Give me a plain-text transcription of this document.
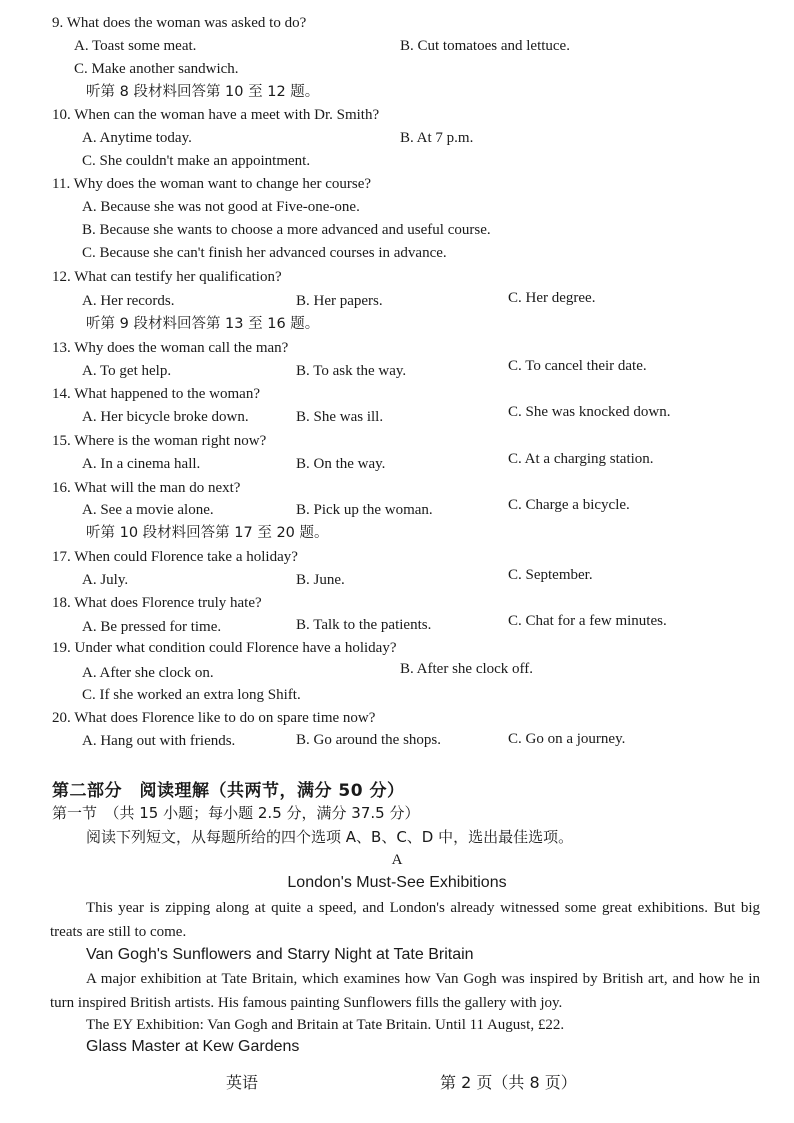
9. What does the woman was asked to do?
A. Toast some meat.	B. Cut tomatoes and lettuce.
C. Make another sandwich.
听第 8 段材料回答第 10 至 12 题。
10. When can the woman have a meet with Dr. Smith?
A. Anytime today.	B. At 7 p.m.
C. She couldn't make an appointment.
11. Why does the woman want to change her course?
A. Because she was not good at Five-one-one.
B. Because she wants to choose a more advanced and useful course.
C. Because she can't finish her advanced courses in advance.
12. What can testify her qualification?
A. Her records.	B. Her papers.	C. Her degree.
听第 9 段材料回答第 13 至 16 题。
13. Why does the woman call the man?
A. To get help.	B. To ask the way.	C. To cancel their date.
14. What happened to the woman?
A. Her bicycle broke down.	B. She was ill.	C. She was knocked down.
15. Where is the woman right now?
A. In a cinema hall.	B. On the way.	C. At a charging station.
16. What will the man do next?
A. See a movie alone.	B. Pick up the woman.	C. Charge a bicycle.
听第 10 段材料回答第 17 至 20 题。
17. When could Florence take a holiday?
A. July.	B. June.	C. September.
18. What does Florence truly hate?
A. Be pressed for time.	B. Talk to the patients.	C. Chat for a few minutes.
19. Under what condition could Florence have a holiday?
A. After she clock on.	B. After she clock off.
C. If she worked an extra long Shift.
20. What does Florence like to do on spare time now?
A. Hang out with friends.	B. Go around the shops.	C. Go on a journey.
第二部分　阅读理解（共两节，满分 50 分）
第一节　（共 15 小题；每小题 2.5 分，满分 37.5 分）
阅读下列短文，从每题所给的四个选项 A、B、C、D 中，选出最佳选项。
A
London's Must-See Exhibitions
This year is zipping along at quite a speed, and London's already witnessed some great exhibitions. But big treats are still to come.
Van Gogh's Sunflowers and Starry Night at Tate Britain
A major exhibition at Tate Britain, which examines how Van Gogh was inspired by British art, and how he in turn inspired British artists. His famous painting Sunflowers fills the gallery with joy.
The EY Exhibition: Van Gogh and Britain at Tate Britain. Until 11 August, £22.
Glass Master at Kew Gardens
英语	第 2 页（共 8 页）
